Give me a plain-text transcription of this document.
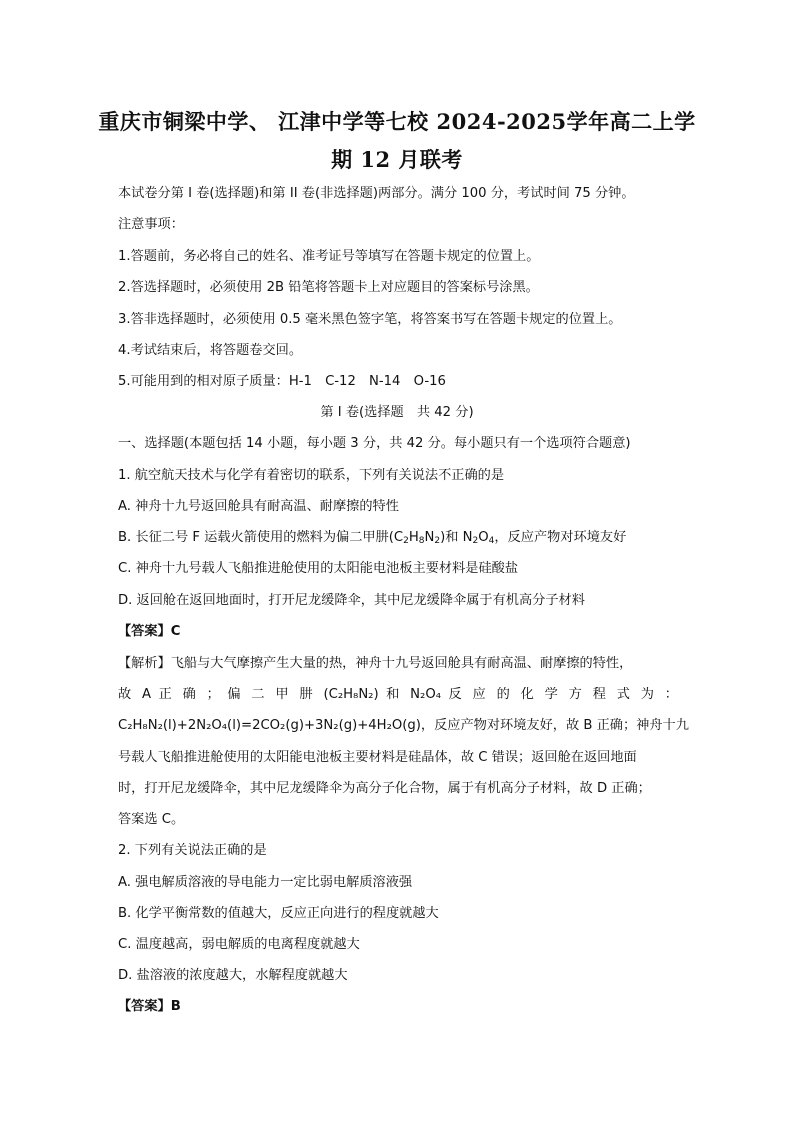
重庆市铜梁中学、 江津中学等七校 2024-2025学年高二上学
期 12 月联考
本试卷分第 I 卷(选择题)和第 II 卷(非选择题)两部分。满分 100 分，考试时间 75 分钟。
注意事项：
1.答题前，务必将自己的姓名、准考证号等填写在答题卡规定的位置上。
2.答选择题时，必须使用 2B 铅笔将答题卡上对应题目的答案标号涂黑。
3.答非选择题时，必须使用 0.5 毫米黑色签字笔，将答案书写在答题卡规定的位置上。
4.考试结束后，将答题卷交回。
5.可能用到的相对原子质量：H-1　C-12　N-14　O-16
第 I 卷(选择题　共 42 分)
一、选择题(本题包括 14 小题，每小题 3 分，共 42 分。每小题只有一个选项符合题意)
1. 航空航天技术与化学有着密切的联系，下列有关说法不正确的是
A. 神舟十九号返回舱具有耐高温、耐摩擦的特性
B. 长征二号 F 运载火箭使用的燃料为偏二甲肼$(C_2H_8N_2)$和 $N_2O_4$，反应产物对环境友好
C. 神舟十九号载人飞船推进舱使用的太阳能电池板主要材料是硅酸盐
D. 返回舱在返回地面时，打开尼龙缓降伞，其中尼龙缓降伞属于有机高分子材料
【答案】C
【解析】飞船与大气摩擦产生大量的热，神舟十九号返回舱具有耐高温、耐摩擦的特性，
故 A 正 确 ； 偏 二 甲 肼 (C₂H₈N₂) 和 N₂O₄ 反 应 的 化 学 方 程 式 为 ：
C₂H₈N₂(l)+2N₂O₄(l)=2CO₂(g)+3N₂(g)+4H₂O(g)，反应产物对环境友好，故 B 正确；神舟十九
号载人飞船推进舱使用的太阳能电池板主要材料是硅晶体，故 C 错误；返回舱在返回地面
时，打开尼龙缓降伞，其中尼龙缓降伞为高分子化合物，属于有机高分子材料，故 D 正确；
答案选 C。
2. 下列有关说法正确的是
A. 强电解质溶液的导电能力一定比弱电解质溶液强
B. 化学平衡常数的值越大，反应正向进行的程度就越大
C. 温度越高，弱电解质的电离程度就越大
D. 盐溶液的浓度越大，水解程度就越大
【答案】B
